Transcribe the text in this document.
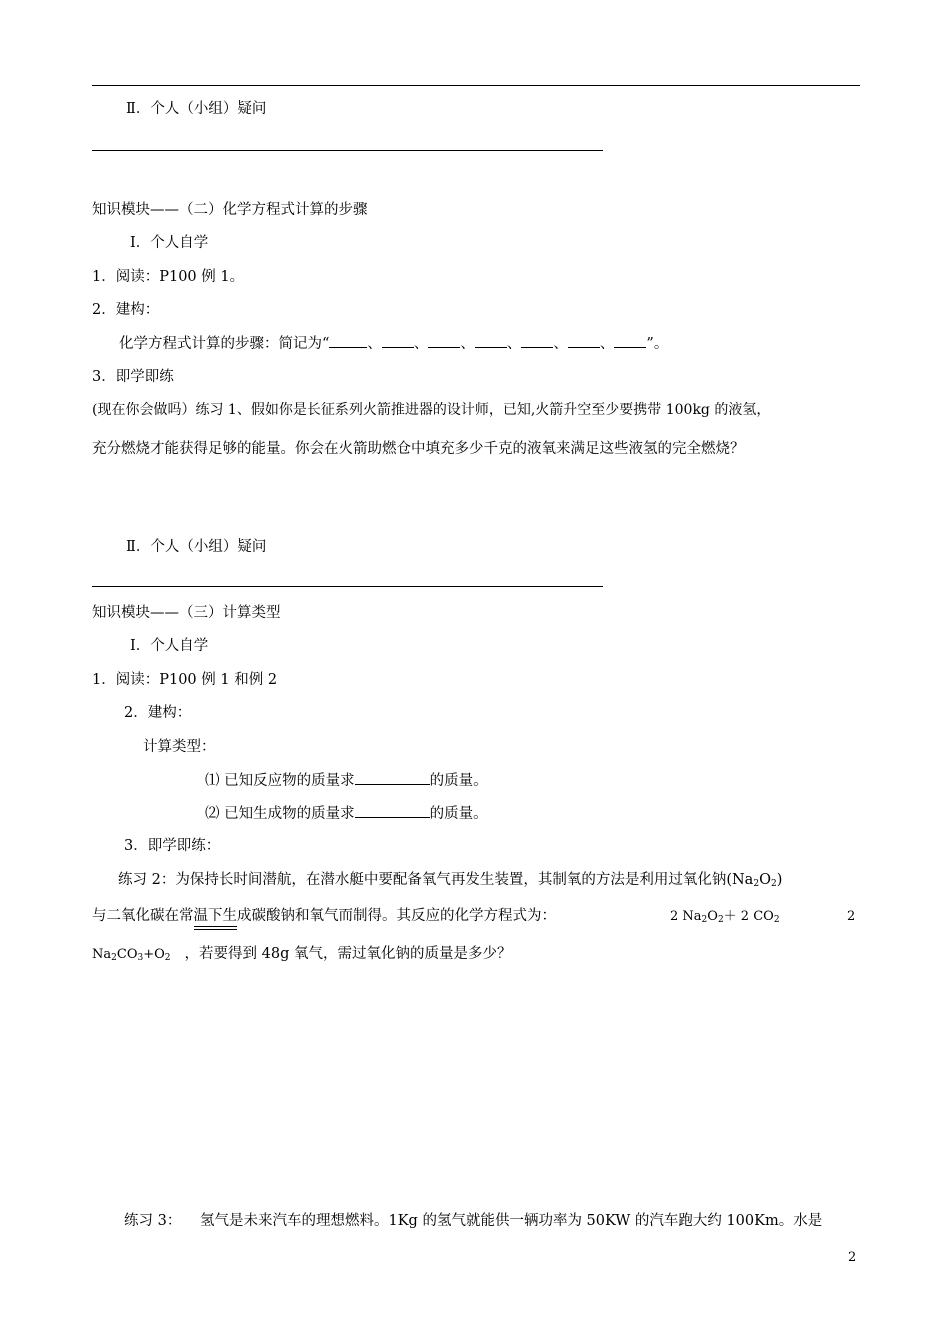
Ⅱ．个人（小组）疑问
知识模块——（二）化学方程式计算的步骤
Ⅰ．个人自学
1．阅读：P100 例 1。
2．建构：
化学方程式计算的步骤：简记为“	、 、 、 、 、 、 ”。
3．即学即练
(现在你会做吗）练习 1、假如你是长征系列火箭推进器的设计师，已知,火箭升空至少要携带 100kg 的液氢，
充分燃烧才能获得足够的能量。你会在火箭助燃仓中填充多少千克的液氧来满足这些液氢的完全燃烧？
Ⅱ．个人（小组）疑问
知识模块——（三）计算类型
Ⅰ．个人自学
1．阅读：P100 例 1 和例 2
2．建构：
计算类型：
⑴ 已知反应物的质量求	的质量。
⑵ 已知生成物的质量求	的质量。
3．即学即练：
练习 2：为保持长时间潜航，在潜水艇中要配备氧气再发生装置，其制氧的方法是利用过氧化钠$(Na_2O_2)$
与二氧化碳在常温下生成碳酸钠和氧气而制得。其反应的化学方程式为：	2 $Na_2O_2+ 2$ $CO_2$	2
$Na_2CO_3+O_2$ ，若要得到 48g 氧气，需过氧化钠的质量是多少？
练习 3： 氢气是未来汽车的理想燃料。1Kg 的氢气就能供一辆功率为 50KW 的汽车跑大约 100Km。水是
2
